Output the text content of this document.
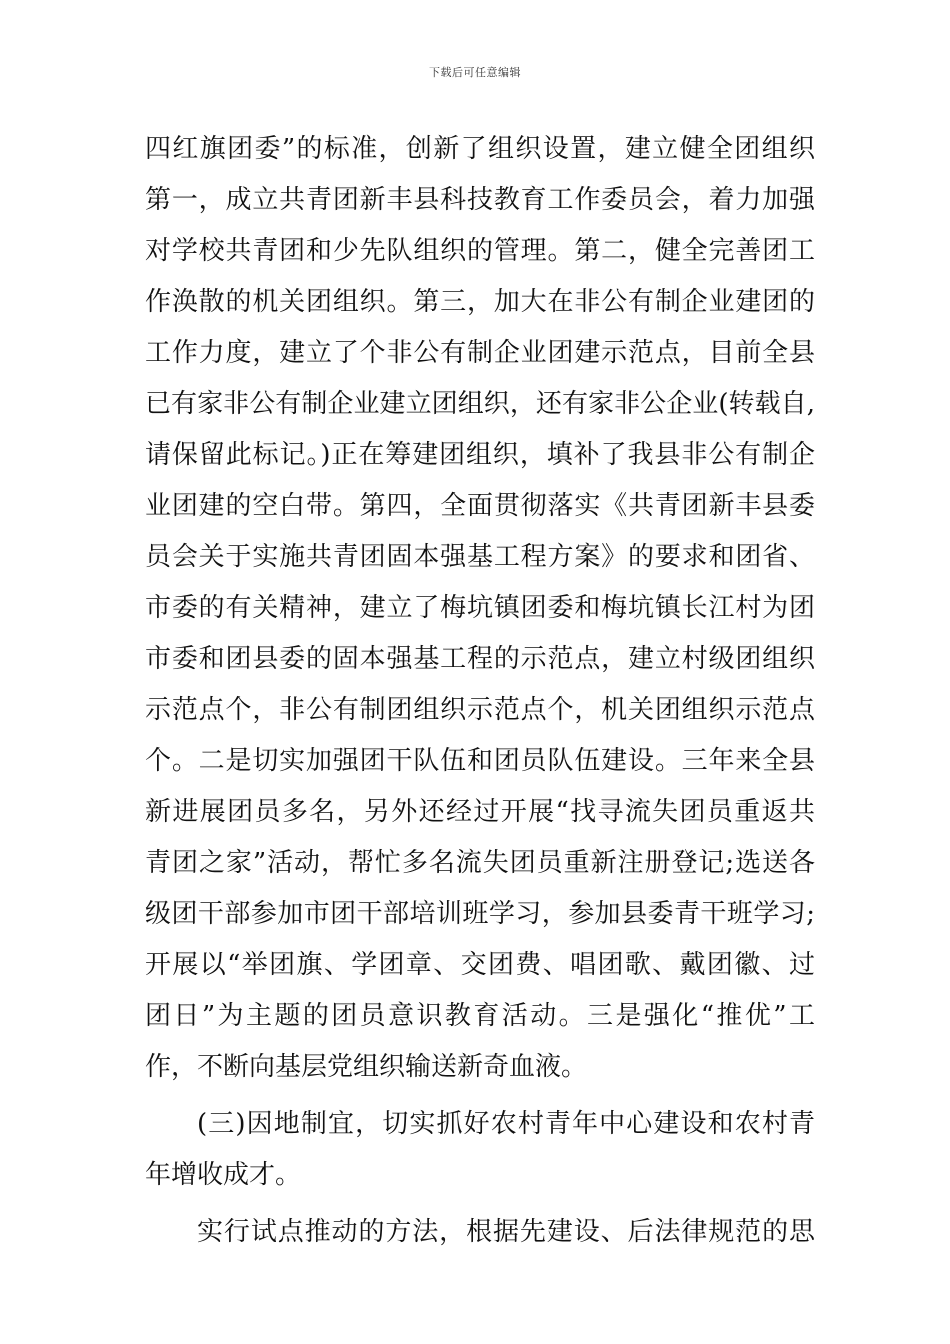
下载后可任意编辑
四红旗团委”的标准，创新了组织设置，建立健全团组织
第一，成立共青团新丰县科技教育工作委员会，着力加强
对学校共青团和少先队组织的管理。第二，健全完善团工
作涣散的机关团组织。第三，加大在非公有制企业建团的
工作力度，建立了个非公有制企业团建示范点，目前全县
已有家非公有制企业建立团组织，还有家非公企业(转载自,
请保留此标记。)正在筹建团组织，填补了我县非公有制企
业团建的空白带。第四，全面贯彻落实《共青团新丰县委
员会关于实施共青团固本强基工程方案》的要求和团省、
市委的有关精神，建立了梅坑镇团委和梅坑镇长江村为团
市委和团县委的固本强基工程的示范点，建立村级团组织
示范点个，非公有制团组织示范点个，机关团组织示范点
个。二是切实加强团干队伍和团员队伍建设。三年来全县
新进展团员多名，另外还经过开展“找寻流失团员重返共
青团之家”活动，帮忙多名流失团员重新注册登记;选送各
级团干部参加市团干部培训班学习，参加县委青干班学习;
开展以“举团旗、学团章、交团费、唱团歌、戴团徽、过
团日”为主题的团员意识教育活动。三是强化“推优”工
作，不断向基层党组织输送新奇血液。
(三)因地制宜，切实抓好农村青年中心建设和农村青
年增收成才。
实行试点推动的方法，根据先建设、后法律规范的思
